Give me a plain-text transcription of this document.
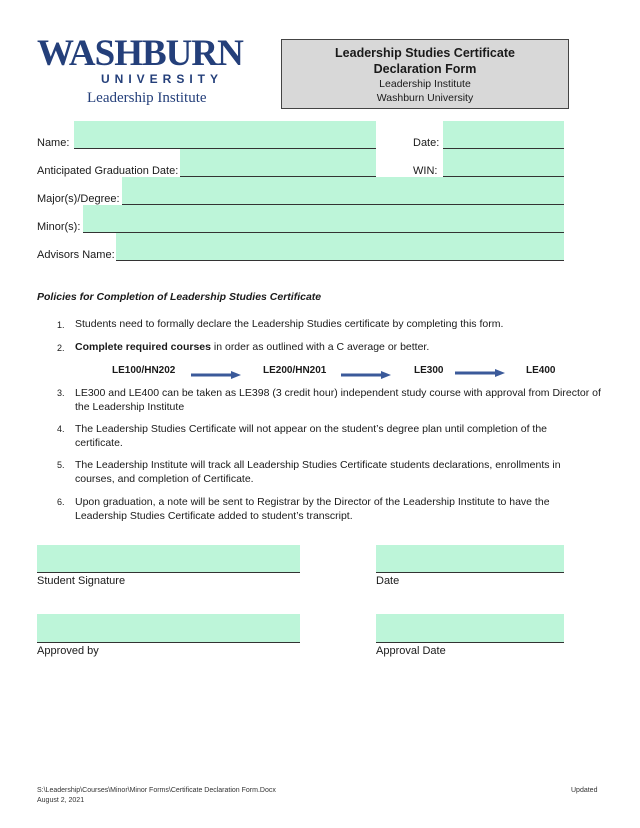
WASHBURN
UNIVERSITY
Leadership Institute
Leadership Studies Certificate
Declaration Form
Leadership Institute
Washburn University
Name:	Date:
Anticipated Graduation Date:	WIN:
Major(s)/Degree:
Minor(s):
Advisors Name:
Policies for Completion of Leadership Studies Certificate
1. Students need to formally declare the Leadership Studies certificate by completing this form.
2. Complete required courses in order as outlined with a C average or better.
LE100/HN202	LE200/HN201	LE300	LE400
3. LE300 and LE400 can be taken as LE398 (3 credit hour) independent study course with approval from Director of the Leadership Institute
4. The Leadership Studies Certificate will not appear on the student’s degree plan until completion of the certificate.
5. The Leadership Institute will track all Leadership Studies Certificate students declarations, enrollments in courses, and completion of Certificate.
6. Upon graduation, a note will be sent to Registrar by the Director of the Leadership Institute to have the Leadership Studies Certificate added to student’s transcript.
Student Signature	Date
Approved by	Approval Date
S:\Leadership\Courses\Minor\Minor Forms\Certificate Declaration Form.Docx
August 2, 2021
Updated
